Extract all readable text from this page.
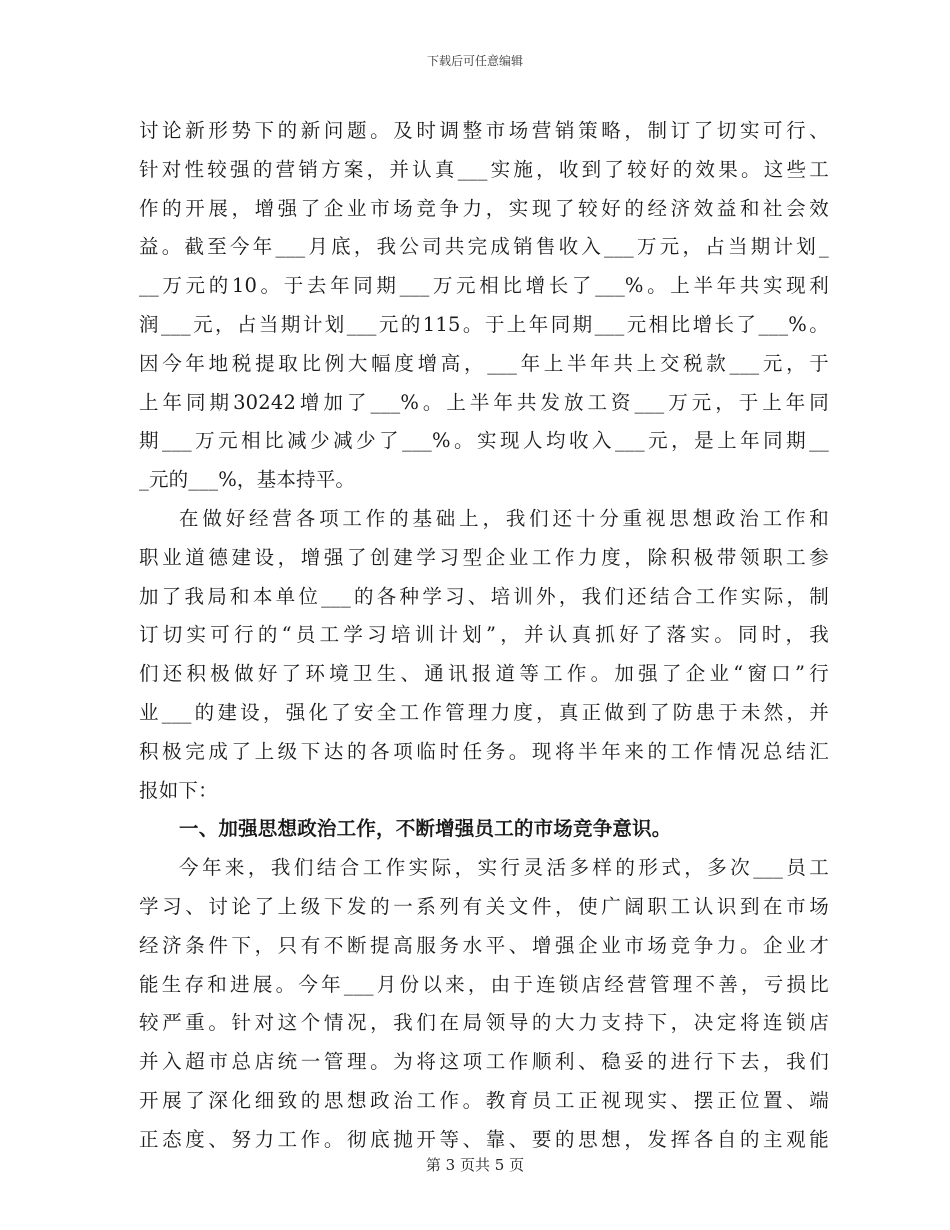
下载后可任意编辑
讨论新形势下的新问题。及时调整市场营销策略，制订了切实可行、
针对性较强的营销方案，并认真___实施，收到了较好的效果。这些工
作的开展，增强了企业市场竞争力，实现了较好的经济效益和社会效
益。截至今年___月底，我公司共完成销售收入___万元，占当期计划_
__万元的10。于去年同期___万元相比增长了___%。上半年共实现利
润___元，占当期计划___元的115。于上年同期___元相比增长了___%。
因今年地税提取比例大幅度增高，___年上半年共上交税款___元，于
上年同期30242增加了___%。上半年共发放工资___万元，于上年同
期___万元相比减少减少了___%。实现人均收入___元，是上年同期__
_元的___%，基本持平。
在做好经营各项工作的基础上，我们还十分重视思想政治工作和
职业道德建设，增强了创建学习型企业工作力度，除积极带领职工参
加了我局和本单位___的各种学习、培训外，我们还结合工作实际，制
订切实可行的“员工学习培训计划”，并认真抓好了落实。同时，我
们还积极做好了环境卫生、通讯报道等工作。加强了企业“窗口”行
业___的建设，强化了安全工作管理力度，真正做到了防患于未然，并
积极完成了上级下达的各项临时任务。现将半年来的工作情况总结汇
报如下：
一、加强思想政治工作，不断增强员工的市场竞争意识。
今年来，我们结合工作实际，实行灵活多样的形式，多次___员工
学习、讨论了上级下发的一系列有关文件，使广阔职工认识到在市场
经济条件下，只有不断提高服务水平、增强企业市场竞争力。企业才
能生存和进展。今年___月份以来，由于连锁店经营管理不善，亏损比
较严重。针对这个情况，我们在局领导的大力支持下，决定将连锁店
并入超市总店统一管理。为将这项工作顺利、稳妥的进行下去，我们
开展了深化细致的思想政治工作。教育员工正视现实、摆正位置、端
正态度、努力工作。彻底抛开等、靠、要的思想，发挥各自的主观能
第 3 页共 5 页
